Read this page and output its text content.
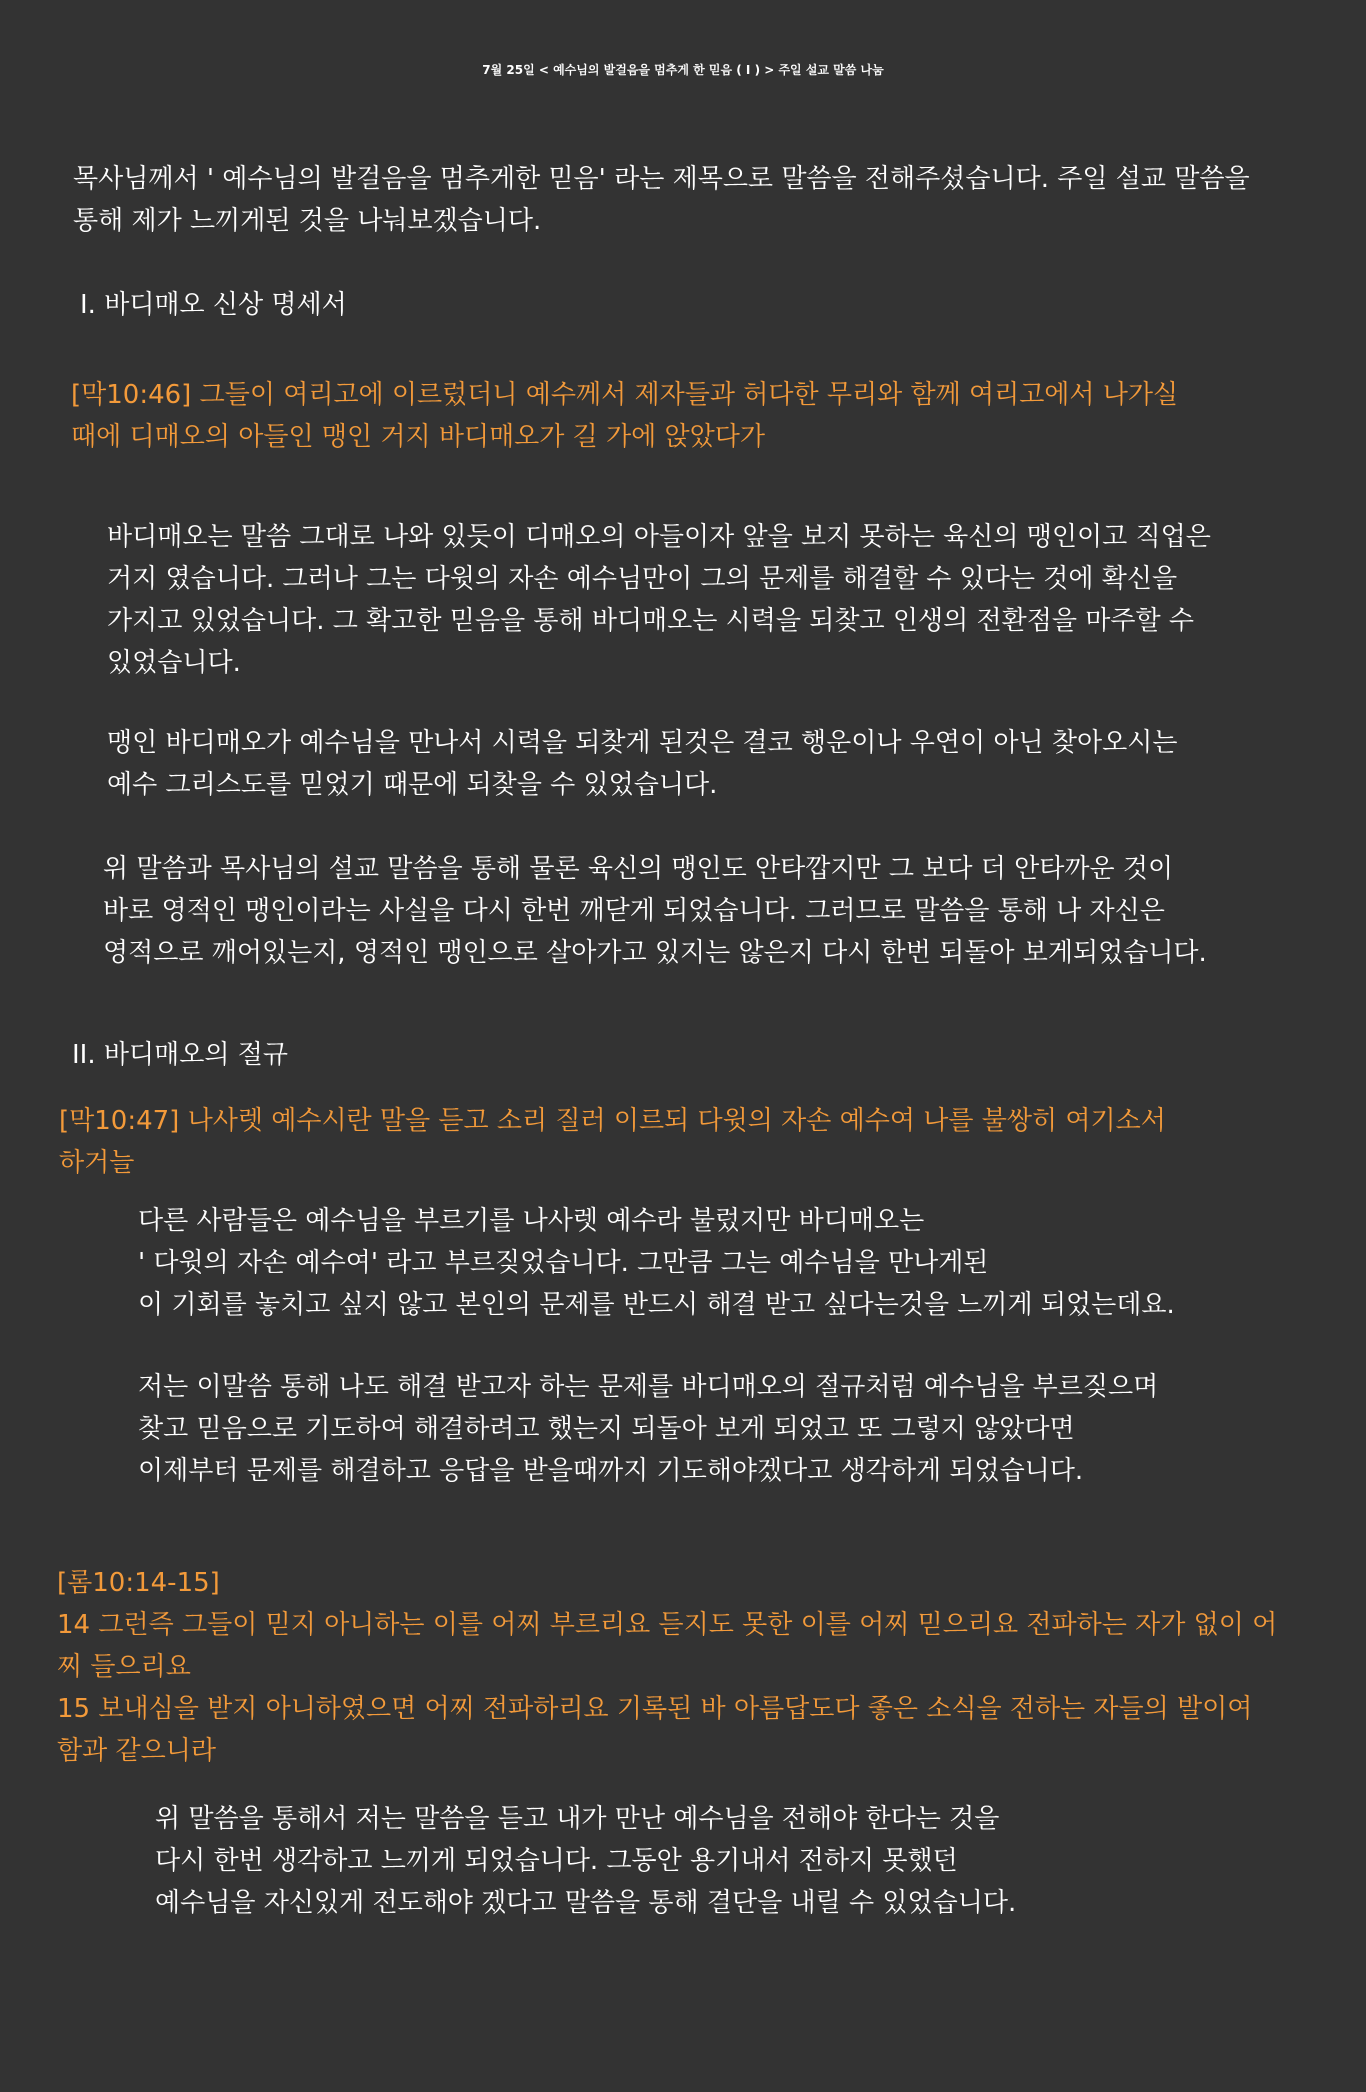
7월 25일 < 예수님의 발걸음을 멈추게 한 믿음 ( I ) > 주일 설교 말씀 나눔
목사님께서 ' 예수님의 발걸음을 멈추게한 믿음' 라는 제목으로 말씀을 전해주셨습니다. 주일 설교 말씀을
통해 제가 느끼게된 것을 나눠보겠습니다.
I. 바디매오 신상 명세서
[막10:46] 그들이 여리고에 이르렀더니 예수께서 제자들과 허다한 무리와 함께 여리고에서 나가실
때에 디매오의 아들인 맹인 거지 바디매오가 길 가에 앉았다가
바디매오는 말씀 그대로 나와 있듯이 디매오의 아들이자 앞을 보지 못하는 육신의 맹인이고 직업은
거지 였습니다. 그러나 그는 다윗의 자손 예수님만이 그의 문제를 해결할 수 있다는 것에 확신을
가지고 있었습니다. 그 확고한 믿음을 통해 바디매오는 시력을 되찾고 인생의 전환점을 마주할 수
있었습니다.
맹인 바디매오가 예수님을 만나서 시력을 되찾게 된것은 결코 행운이나 우연이 아닌 찾아오시는
예수 그리스도를 믿었기 때문에 되찾을 수 있었습니다.
위 말씀과 목사님의 설교 말씀을 통해 물론 육신의 맹인도 안타깝지만 그 보다 더 안타까운 것이
바로 영적인 맹인이라는 사실을 다시 한번 깨닫게 되었습니다. 그러므로 말씀을 통해 나 자신은
영적으로 깨어있는지, 영적인 맹인으로 살아가고 있지는 않은지 다시 한번 되돌아 보게되었습니다.
II. 바디매오의 절규
[막10:47] 나사렛 예수시란 말을 듣고 소리 질러 이르되 다윗의 자손 예수여 나를 불쌍히 여기소서
하거늘
다른 사람들은 예수님을 부르기를 나사렛 예수라 불렀지만 바디매오는
' 다윗의 자손 예수여' 라고 부르짖었습니다. 그만큼 그는 예수님을 만나게된
이 기회를 놓치고 싶지 않고 본인의 문제를 반드시 해결 받고 싶다는것을 느끼게 되었는데요.
저는 이말씀 통해 나도 해결 받고자 하는 문제를 바디매오의 절규처럼 예수님을 부르짖으며
찾고 믿음으로 기도하여 해결하려고 했는지 되돌아 보게 되었고 또 그렇지 않았다면
이제부터 문제를 해결하고 응답을 받을때까지 기도해야겠다고 생각하게 되었습니다.
[롬10:14-15]
14 그런즉 그들이 믿지 아니하는 이를 어찌 부르리요 듣지도 못한 이를 어찌 믿으리요 전파하는 자가 없이 어
찌 들으리요
15 보내심을 받지 아니하였으면 어찌 전파하리요 기록된 바 아름답도다 좋은 소식을 전하는 자들의 발이여
함과 같으니라
위 말씀을 통해서 저는 말씀을 듣고 내가 만난 예수님을 전해야 한다는 것을
다시 한번 생각하고 느끼게 되었습니다. 그동안 용기내서 전하지 못했던
예수님을 자신있게 전도해야 겠다고 말씀을 통해 결단을 내릴 수 있었습니다.
